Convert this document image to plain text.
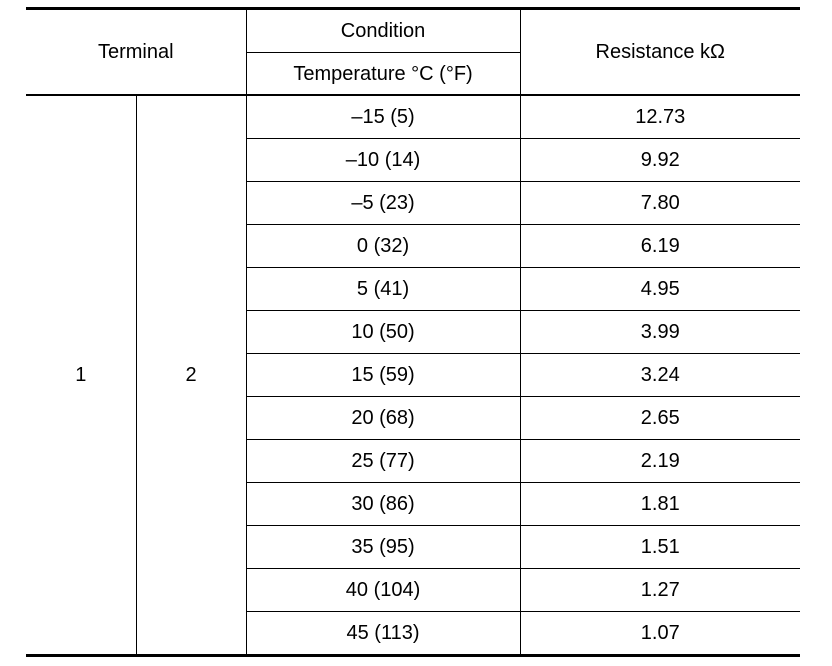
Terminal		Condition	Resistance kΩ
		Temperature °C (°F)	
1	2	–15 (5)	12.73
		–10 (14)	9.92
		–5 (23)	7.80
		0 (32)	6.19
		5 (41)	4.95
		10 (50)	3.99
		15 (59)	3.24
		20 (68)	2.65
		25 (77)	2.19
		30 (86)	1.81
		35 (95)	1.51
		40 (104)	1.27
		45 (113)	1.07
